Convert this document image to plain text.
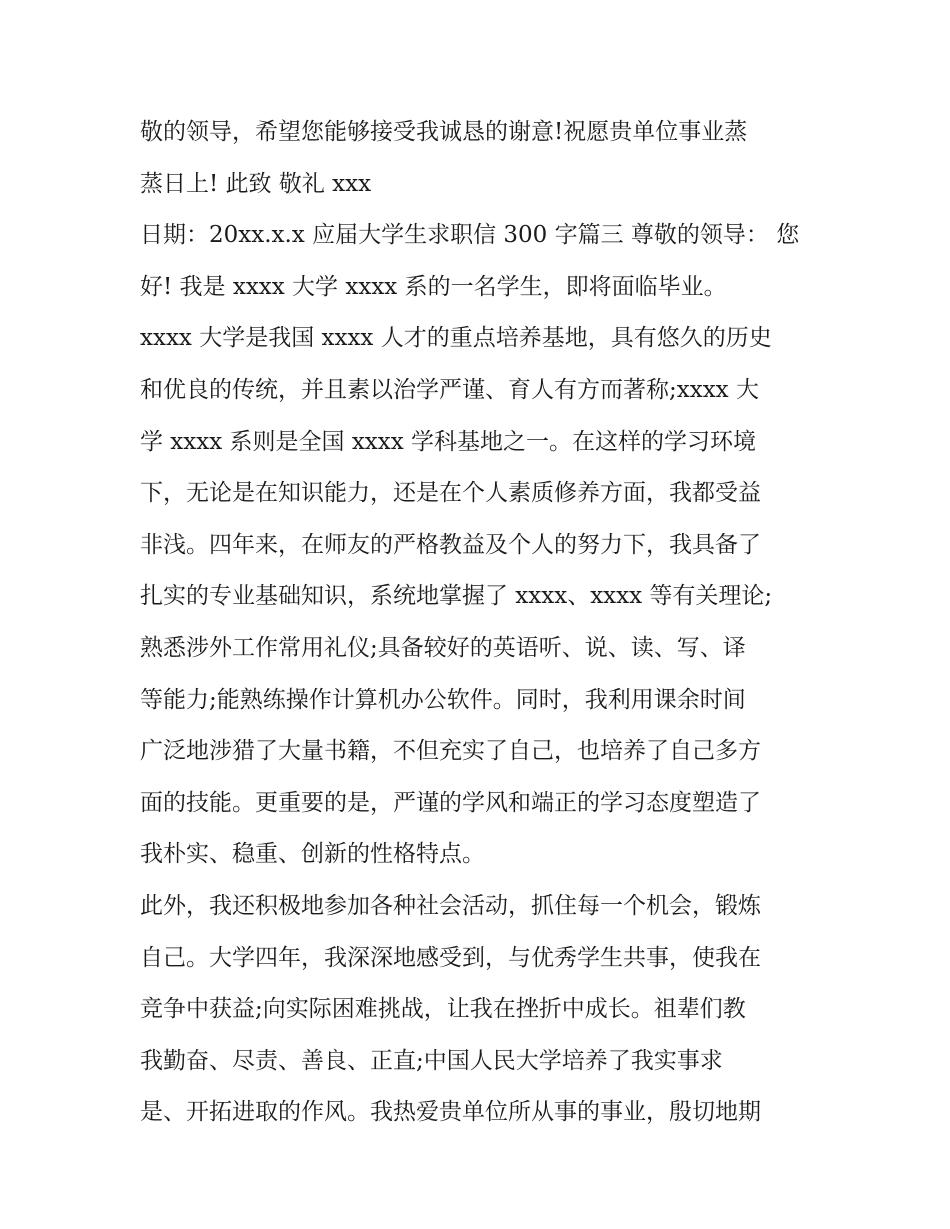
敬的领导，希望您能够接受我诚恳的谢意!祝愿贵单位事业蒸
蒸日上! 此致 敬礼 xxx
日期：20xx.x.x 应届大学生求职信 300 字篇三 尊敬的领导： 您
好! 我是 xxxx 大学 xxxx 系的一名学生，即将面临毕业。
xxxx 大学是我国 xxxx 人才的重点培养基地，具有悠久的历史
和优良的传统，并且素以治学严谨、育人有方而著称;xxxx 大
学 xxxx 系则是全国 xxxx 学科基地之一。在这样的学习环境
下，无论是在知识能力，还是在个人素质修养方面，我都受益
非浅。四年来，在师友的严格教益及个人的努力下，我具备了
扎实的专业基础知识，系统地掌握了 xxxx、xxxx 等有关理论;
熟悉涉外工作常用礼仪;具备较好的英语听、说、读、写、译
等能力;能熟练操作计算机办公软件。同时，我利用课余时间
广泛地涉猎了大量书籍，不但充实了自己，也培养了自己多方
面的技能。更重要的是，严谨的学风和端正的学习态度塑造了
我朴实、稳重、创新的性格特点。
此外，我还积极地参加各种社会活动，抓住每一个机会，锻炼
自己。大学四年，我深深地感受到，与优秀学生共事，使我在
竞争中获益;向实际困难挑战，让我在挫折中成长。祖辈们教
我勤奋、尽责、善良、正直;中国人民大学培养了我实事求
是、开拓进取的作风。我热爱贵单位所从事的事业，殷切地期
